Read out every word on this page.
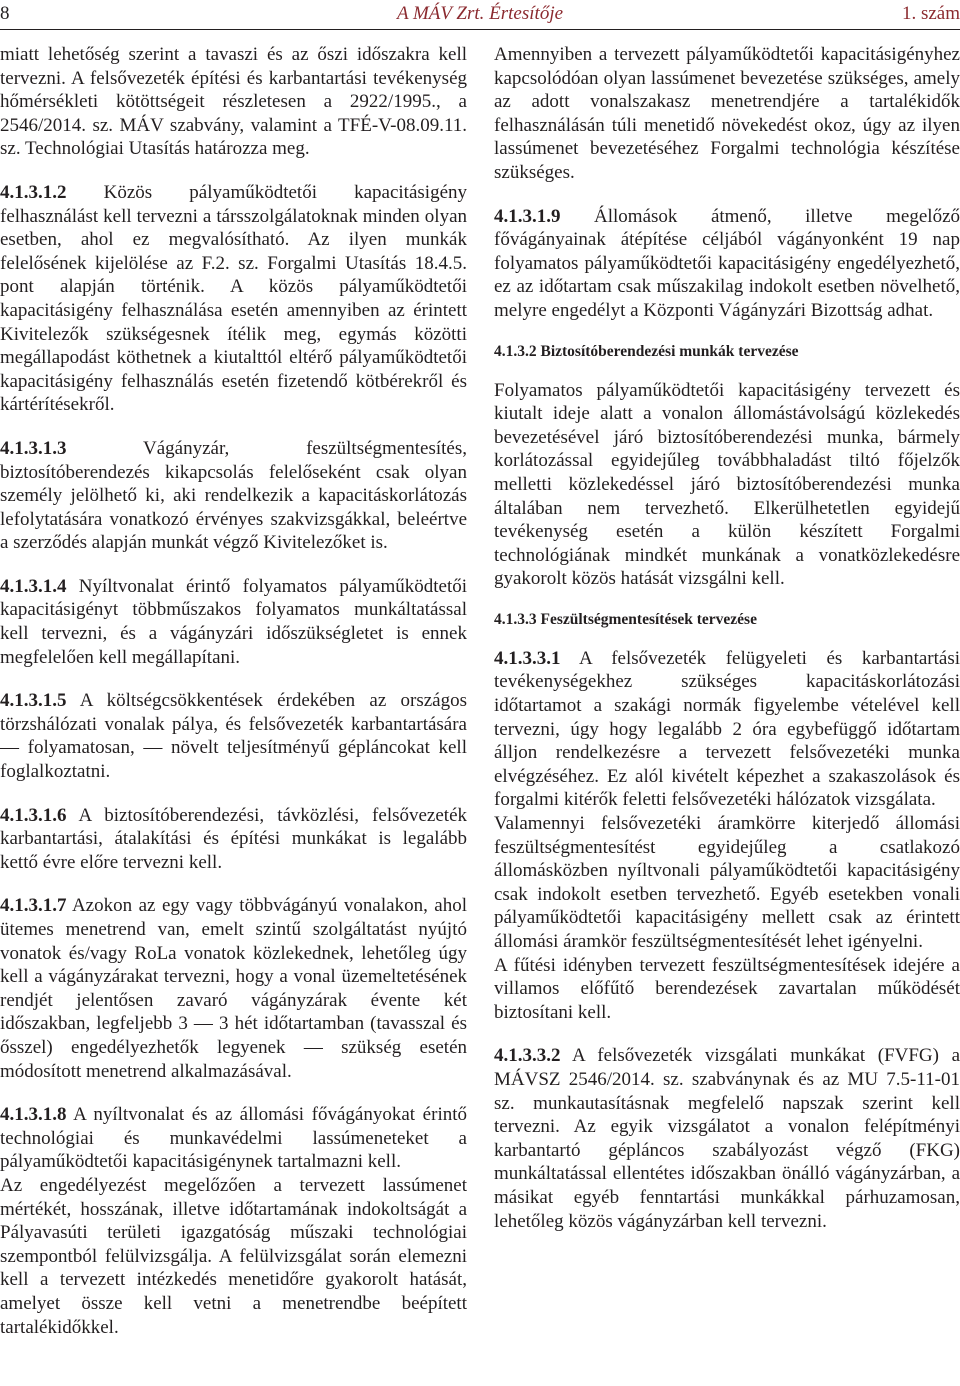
8	A MÁV Zrt. Értesítője	1. szám

miatt lehetőség szerint a tavaszi és az őszi időszakra kell tervezni. A felsővezeték építési és karbantartási tevékenység hőmérsékleti kötöttségeit részletesen a 2922/1995., a 2546/2014. sz. MÁV szabvány, valamint a TFÉ-V-08.09.11. sz. Technológiai Utasítás határozza meg.

4.1.3.1.2 Közös pályaműködtetői kapacitásigény felhasználást kell tervezni a társszolgálatoknak minden olyan esetben, ahol ez megvalósítható. Az ilyen munkák felelősének kijelölése az F.2. sz. Forgalmi Utasítás 18.4.5. pont alapján történik. A közös pályaműködtetői kapacitásigény felhasználása esetén amennyiben az érintett Kivitelezők szükségesnek ítélik meg, egymás közötti megállapodást köthetnek a kiutalttól eltérő pályaműködtetői kapacitásigény felhasználás esetén fizetendő kötbérekről és kártérítésekről.

4.1.3.1.3	Vágányzár, feszültségmentesítés, biztosítóberendezés kikapcsolás felelőseként csak olyan személy jelölhető ki, aki rendelkezik a kapacitáskorlátozás lefolytatására vonatkozó érvényes szakvizsgákkal, beleértve a szerződés alapján munkát végző Kivitelezőket is.

4.1.3.1.4 Nyíltvonalat érintő folyamatos pályaműködtetői kapacitásigényt többműszakos folyamatos munkáltatással kell tervezni, és a vágányzári időszükségletet is ennek megfelelően kell megállapítani.

4.1.3.1.5 A költségcsökkentések érdekében az országos törzshálózati vonalak pálya, és felsővezeték karbantartására — folyamatosan, — növelt teljesítményű gépláncokat kell foglalkoztatni.

4.1.3.1.6 A biztosítóberendezési, távközlési, felsővezeték karbantartási, átalakítási és építési munkákat is legalább kettő évre előre tervezni kell.

4.1.3.1.7 Azokon az egy vagy többvágányú vonalakon, ahol ütemes menetrend van, emelt szintű szolgáltatást nyújtó vonatok és/vagy RoLa vonatok közlekednek, lehetőleg úgy kell a vágányzárakat tervezni, hogy a vonal üzemeltetésének rendjét jelentősen zavaró vágányzárak évente két időszakban, legfeljebb 3 — 3 hét időtartamban (tavasszal és ősszel) engedélyezhetők legyenek — szükség esetén módosított menetrend alkalmazásával.

4.1.3.1.8 A nyíltvonalat és az állomási fővágányokat érintő technológiai és munkavédelmi lassúmeneteket a pályaműködtetői kapacitásigénynek tartalmazni kell.

Az engedélyezést megelőzően a tervezett lassúmenet mértékét, hosszának, illetve időtartamának indokoltságát a Pályavasúti területi igazgatóság műszaki technológiai szempontból felülvizsgálja. A felülvizsgálat során elemezni kell a tervezett intézkedés menetidőre gyakorolt hatását, amelyet össze kell vetni a menetrendbe beépített tartalékidőkkel.

Amennyiben a tervezett pályaműködtetői kapacitásigényhez kapcsolódóan olyan lassúmenet bevezetése szükséges, amely az adott vonalszakasz menetrendjére a tartalékidők felhasználásán túli menetidő növekedést okoz, úgy az ilyen lassúmenet bevezetéséhez Forgalmi technológia készítése szükséges.

4.1.3.1.9 Állomások átmenő, illetve megelőző fővágányainak átépítése céljából vágányonként 19 nap folyamatos pályaműködtetői kapacitásigény engedélyezhető, ez az időtartam csak műszakilag indokolt esetben növelhető, melyre engedélyt a Központi Vágányzári Bizottság adhat.

4.1.3.2 Biztosítóberendezési munkák tervezése

Folyamatos pályaműködtetői kapacitásigény tervezett és kiutalt ideje alatt a vonalon állomástávolságú közlekedés bevezetésével járó biztosítóberendezési munka, bármely korlátozással egyidejűleg továbbhaladást tiltó főjelzők melletti közlekedéssel járó biztosítóberendezési munka általában nem tervezhető. Elkerülhetetlen egyidejű tevékenység esetén a külön készített Forgalmi technológiának mindkét munkának a vonatközlekedésre gyakorolt közös hatását vizsgálni kell.

4.1.3.3 Feszültségmentesítések tervezése

4.1.3.3.1 A felsővezeték felügyeleti és karbantartási tevékenységekhez szükséges kapacitáskorlátozási időtartamot a szakági normák figyelembe vételével kell tervezni, úgy hogy legalább 2 óra egybefüggő időtartam álljon rendelkezésre a tervezett felsővezetéki munka elvégzéséhez. Ez alól kivételt képezhet a szakaszolások és forgalmi kitérők feletti felsővezetéki hálózatok vizsgálata.

Valamennyi felsővezetéki áramkörre kiterjedő állomási feszültségmentesítést egyidejűleg a csatlakozó állomásközben nyíltvonali pályaműködtetői kapacitásigény csak indokolt esetben tervezhető. Egyéb esetekben vonali pályaműködtetői kapacitásigény mellett csak az érintett állomási áramkör feszültségmentesítését lehet igényelni.

A fűtési idényben tervezett feszültségmentesítések idejére a villamos előfűtő berendezések zavartalan működését biztosítani kell.

4.1.3.3.2 A felsővezeték vizsgálati munkákat (FVFG) a MÁVSZ 2546/2014. sz. szabványnak és az MU 7.5-11-01 sz. munkautasításnak megfelelő napszak szerint kell tervezni. Az egyik vizsgálatot a vonalon felépítményi karbantartó gépláncos szabályozást végző (FKG) munkáltatással ellentétes időszakban önálló vágányzárban, a másikat egyéb fenntartási munkákkal párhuzamosan, lehetőleg közös vágányzárban kell tervezni.
